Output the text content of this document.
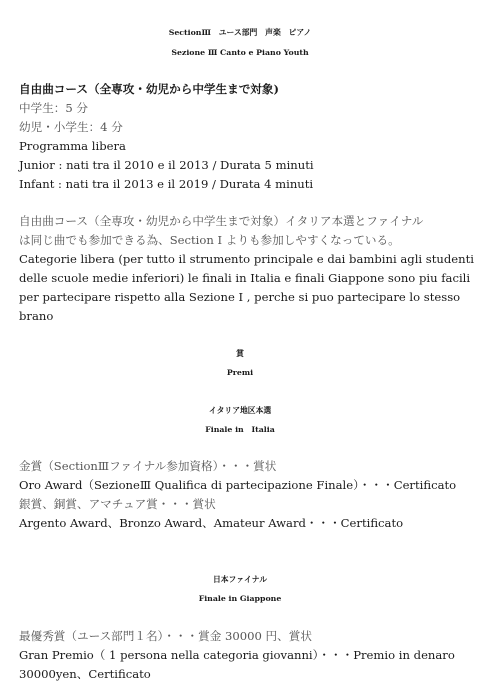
SectionⅢ　ユース部門　声楽　ピアノ
Sezione Ⅲ Canto e Piano Youth
自由曲コース（全専攻・幼児から中学生まで対象)
中学生：5 分
幼児・小学生：4 分
Programma libera
Junior : nati tra il 2010 e il 2013 / Durata 5 minuti
Infant : nati tra il 2013 e il 2019 / Durata 4 minuti
自由曲コース（全専攻・幼児から中学生まで対象）イタリア本選とファイナル
は同じ曲でも参加できる為、Section I よりも参加しやすくなっている。
Categorie libera (per tutto il strumento principale e dai bambini agli studenti
delle scuole medie inferiori) le finali in Italia e finali Giappone sono piu facili
per partecipare rispetto alla Sezione I , perche si puo partecipare lo stesso
brano
賞
Premi
イタリア地区本選
Finale in　Italia
金賞（SectionⅢファイナル参加資格）・・・賞状
Oro Award（SezioneⅢ Qualifica di partecipazione Finale）・・・Certificato
銀賞、銅賞、アマチュア賞・・・賞状
Argento Award、Bronzo Award、Amateur Award・・・Certificato
日本ファイナル
Finale in Giappone
最優秀賞（ユース部門１名）・・・賞金 30000 円、賞状
Gran Premio（ 1 persona nella categoria giovanni）・・・Premio in denaro
30000yen、Certificato
